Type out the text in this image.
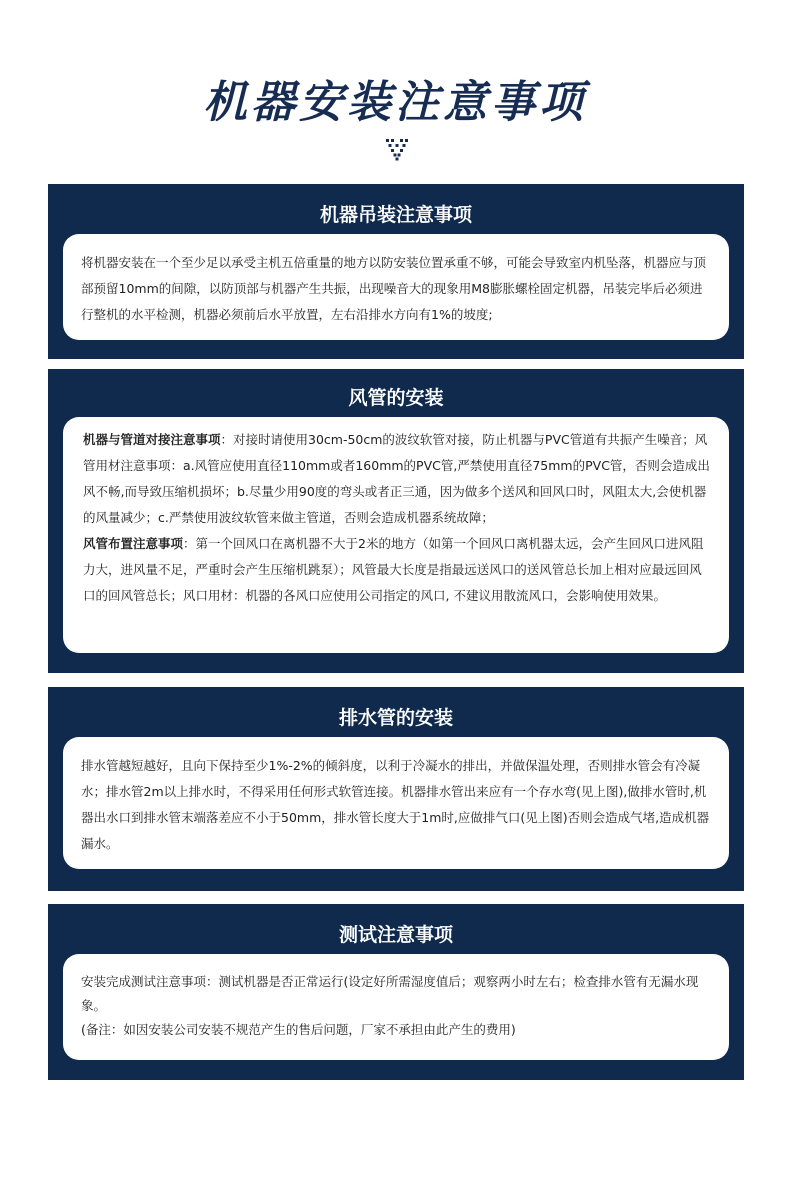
机器安装注意事项
机器吊装注意事项

将机器安装在一个至少足以承受主机五倍重量的地方以防安装位置承重不够，可能会导致室内机坠落，机器应与顶部预留10mm的间隙，以防顶部与机器产生共振，出现噪音大的现象用M8膨胀螺栓固定机器，吊装完毕后必须进行整机的水平检测，机器必须前后水平放置，左右沿排水方向有1%的坡度;

风管的安装

机器与管道对接注意事项：对接时请使用30cm-50cm的波纹软管对接，防止机器与PVC管道有共振产生噪音；风管用材注意事项：a.风管应使用直径110mm或者160mm的PVC管,严禁使用直径75mm的PVC管，否则会造成出风不畅,而导致压缩机损坏；b.尽量少用90度的弯头或者正三通，因为做多个送风和回风口时，风阻太大,会使机器的风量减少；c.严禁使用波纹软管来做主管道，否则会造成机器系统故障；

风管布置注意事项：第一个回风口在离机器不大于2米的地方（如第一个回风口离机器太远，会产生回风口进风阻力大，进风量不足，严重时会产生压缩机跳泵）；风管最大长度是指最远送风口的送风管总长加上相对应最远回风口的回风管总长；风口用材：机器的各风口应使用公司指定的风口, 不建议用散流风口，会影响使用效果。

排水管的安装

排水管越短越好，且向下保持至少1%-2%的倾斜度，以利于冷凝水的排出，并做保温处理，否则排水管会有冷凝水；排水管2m以上排水时，不得采用任何形式软管连接。机器排水管出来应有一个存水弯(见上图),做排水管时,机器出水口到排水管末端落差应不小于50mm，排水管长度大于1m时,应做排气口(见上图)否则会造成气堵,造成机器漏水。

测试注意事项

安装完成测试注意事项：测试机器是否正常运行(设定好所需湿度值后；观察两小时左右；检查排水管有无漏水现象。

(备注：如因安装公司安装不规范产生的售后问题，厂家不承担由此产生的费用)
